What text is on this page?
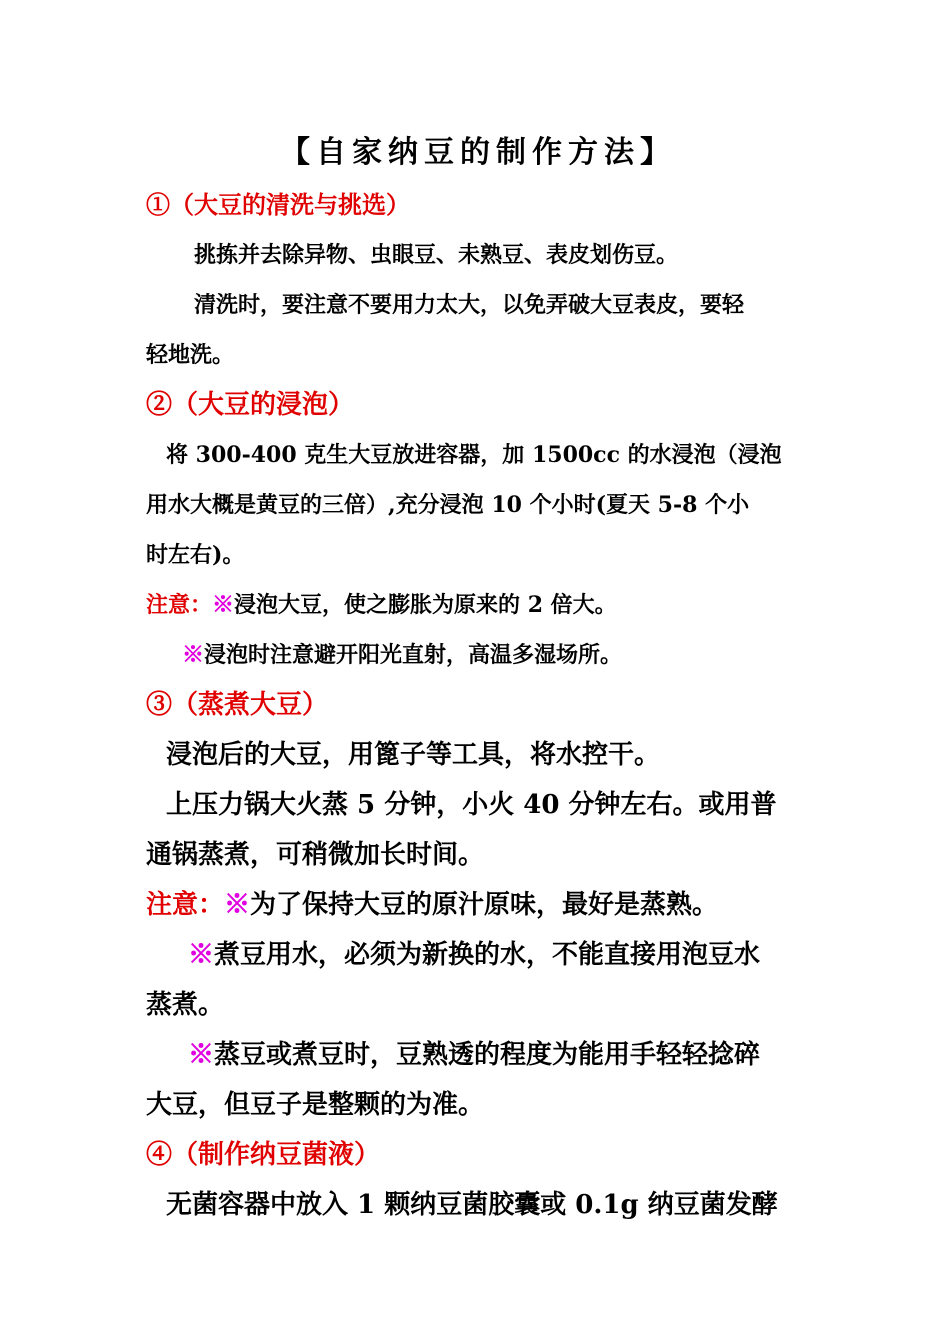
【自家纳豆的制作方法】
①（大豆的清洗与挑选）
挑拣并去除异物、虫眼豆、未熟豆、表皮划伤豆。
清洗时，要注意不要用力太大，以免弄破大豆表皮，要轻
轻地洗。
②（大豆的浸泡）
将 300-400 克生大豆放进容器，加 1500cc 的水浸泡（浸泡
用水大概是黄豆的三倍）,充分浸泡 10 个小时(夏天 5-8 个小
时左右)。
注意：※浸泡大豆，使之膨胀为原来的 2 倍大。
※浸泡时注意避开阳光直射，高温多湿场所。
③（蒸煮大豆）
浸泡后的大豆，用篦子等工具，将水控干。
上压力锅大火蒸 5 分钟，小火 40 分钟左右。或用普
通锅蒸煮，可稍微加长时间。
注意：※为了保持大豆的原汁原味，最好是蒸熟。
※煮豆用水，必须为新换的水，不能直接用泡豆水
蒸煮。
※蒸豆或煮豆时，豆熟透的程度为能用手轻轻捻碎
大豆，但豆子是整颗的为准。
④（制作纳豆菌液）
无菌容器中放入 1 颗纳豆菌胶囊或 0.1g 纳豆菌发酵
